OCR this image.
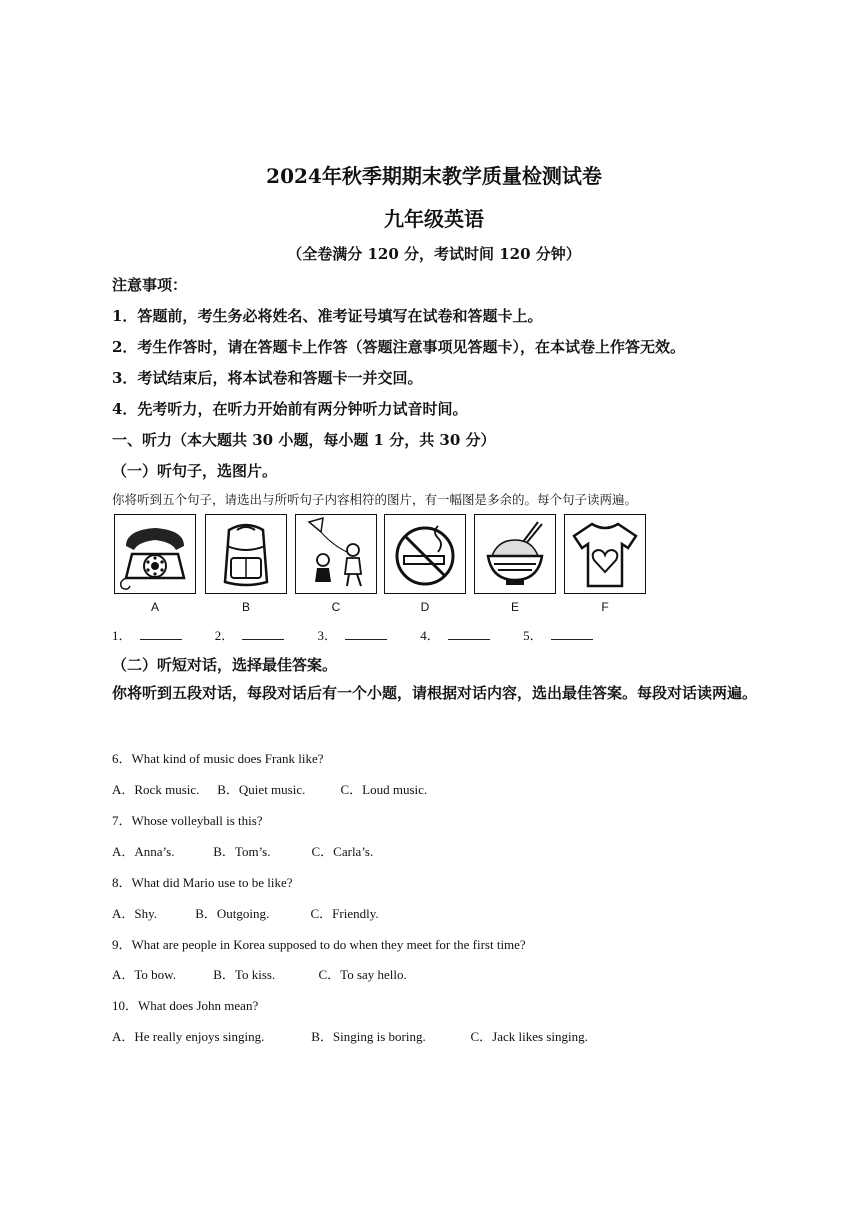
2024年秋季期期末教学质量检测试卷
九年级英语
（全卷满分 120 分，考试时间 120 分钟）
注意事项：
1．答题前，考生务必将姓名、准考证号填写在试卷和答题卡上。
2．考生作答时，请在答题卡上作答（答题注意事项见答题卡），在本试卷上作答无效。
3．考试结束后，将本试卷和答题卡一并交回。
4．先考听力，在听力开始前有两分钟听力试音时间。
一、听力（本大题共 30 小题，每小题 1 分，共 30 分）
（一）听句子，选图片。
你将听到五个句子，请选出与所听句子内容相符的图片，有一幅图是多余的。每个句子读两遍。
A	B	C	D	E	F
1．	2．	3．	4．	5．
（二）听短对话，选择最佳答案。
你将听到五段对话，每段对话后有一个小题，请根据对话内容，选出最佳答案。每段对话读两遍。
6．What kind of music does Frank like?
A．Rock music. B．Quiet music.	C．Loud music.
7．Whose volleyball is this?
A．Anna’s.	B．Tom’s.	C．Carla’s.
8．What did Mario use to be like?
A．Shy.	B．Outgoing.	C．Friendly.
9．What are people in Korea supposed to do when they meet for the first time?
A．To bow.	B．To kiss.	C．To say hello.
10．What does John mean?
A．He really enjoys singing.	B．Singing is boring.	C．Jack likes singing.
